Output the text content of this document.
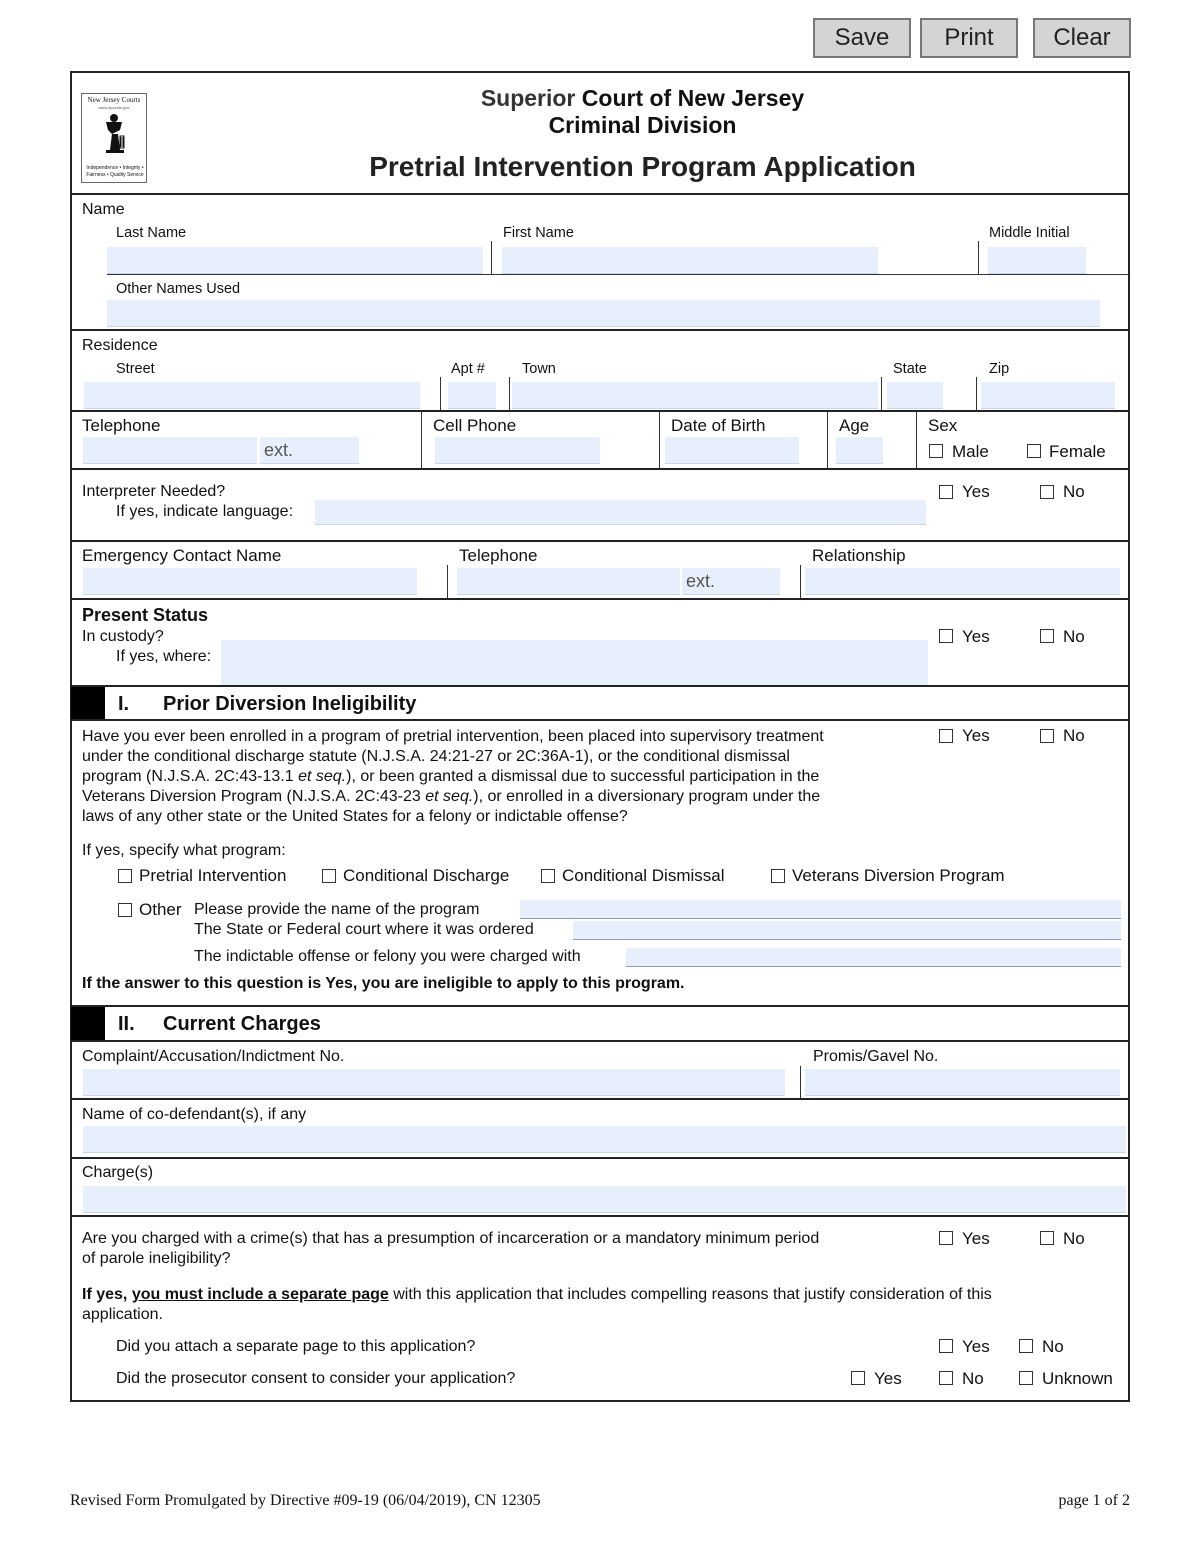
Save	Print	Clear
New Jersey Courts
www.njcourts.gov
Independence • Integrity • Fairness • Quality Service
Superior Court of New Jersey
Criminal Division
Pretrial Intervention Program Application
Name
Last Name	First Name	Middle Initial
Other Names Used
Residence
Street	Apt #	Town	State	Zip
Telephone
ext.
Cell Phone	Date of Birth	Age	Sex
Male	Female
Interpreter Needed?
If yes, indicate language:
Yes	No
Emergency Contact Name	Telephone
ext.
Relationship
Present Status
In custody?
If yes, where:
Yes	No
I. Prior Diversion Ineligibility
Have you ever been enrolled in a program of pretrial intervention, been placed into supervisory treatment
under the conditional discharge statute (N.J.S.A. 24:21-27 or 2C:36A-1), or the conditional dismissal
program (N.J.S.A. 2C:43-13.1 et seq.), or been granted a dismissal due to successful participation in the
Veterans Diversion Program (N.J.S.A. 2C:43-23 et seq.), or enrolled in a diversionary program under the
laws of any other state or the United States for a felony or indictable offense?
Yes	No
If yes, specify what program:
Pretrial Intervention	Conditional Discharge	Conditional Dismissal	Veterans Diversion Program
Other Please provide the name of the program
The State or Federal court where it was ordered
The indictable offense or felony you were charged with
If the answer to this question is Yes, you are ineligible to apply to this program.
II. Current Charges
Complaint/Accusation/Indictment No.	Promis/Gavel No.
Name of co-defendant(s), if any
Charge(s)
Are you charged with a crime(s) that has a presumption of incarceration or a mandatory minimum period
of parole ineligibility?
Yes	No
If yes, you must include a separate page with this application that includes compelling reasons that justify consideration of this
application.
Did you attach a separate page to this application?	Yes	No
Did the prosecutor consent to consider your application?	Yes	No	Unknown
Revised Form Promulgated by Directive #09-19 (06/04/2019), CN 12305	page 1 of 2
